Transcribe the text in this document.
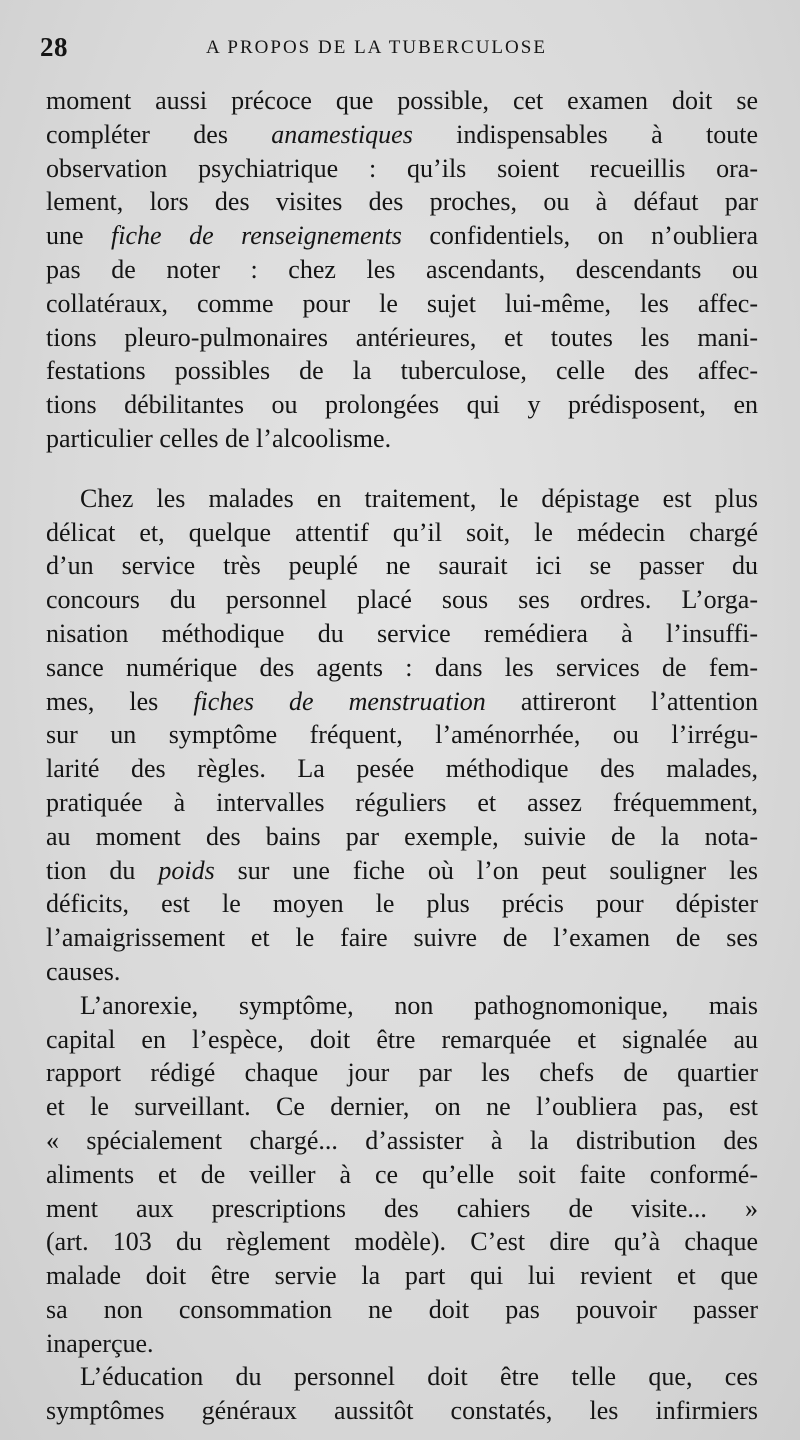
28	A PROPOS DE LA TUBERCULOSE
moment aussi précoce que possible, cet examen doit se
compléter des anamestiques indispensables à toute
observation psychiatrique : qu’ils soient recueillis ora-
lement, lors des visites des proches, ou à défaut par
une fiche de renseignements confidentiels, on n’oubliera
pas de noter : chez les ascendants, descendants ou
collatéraux, comme pour le sujet lui-même, les affec-
tions pleuro-pulmonaires antérieures, et toutes les mani-
festations possibles de la tuberculose, celle des affec-
tions débilitantes ou prolongées qui y prédisposent, en
particulier celles de l’alcoolisme.
Chez les malades en traitement, le dépistage est plus
délicat et, quelque attentif qu’il soit, le médecin chargé
d’un service très peuplé ne saurait ici se passer du
concours du personnel placé sous ses ordres. L’orga-
nisation méthodique du service remédiera à l’insuffi-
sance numérique des agents : dans les services de fem-
mes, les fiches de menstruation attireront l’attention
sur un symptôme fréquent, l’aménorrhée, ou l’irrégu-
larité des règles. La pesée méthodique des malades,
pratiquée à intervalles réguliers et assez fréquemment,
au moment des bains par exemple, suivie de la nota-
tion du poids sur une fiche où l’on peut souligner les
déficits, est le moyen le plus précis pour dépister
l’amaigrissement et le faire suivre de l’examen de ses
causes.
L’anorexie, symptôme, non pathognomonique, mais
capital en l’espèce, doit être remarquée et signalée au
rapport rédigé chaque jour par les chefs de quartier
et le surveillant. Ce dernier, on ne l’oubliera pas, est
« spécialement chargé... d’assister à la distribution des
aliments et de veiller à ce qu’elle soit faite conformé-
ment aux prescriptions des cahiers de visite... »
(art. 103 du règlement modèle). C’est dire qu’à chaque
malade doit être servie la part qui lui revient et que
sa non consommation ne doit pas pouvoir passer
inaperçue.
L’éducation du personnel doit être telle que, ces
symptômes généraux aussitôt constatés, les infirmiers
